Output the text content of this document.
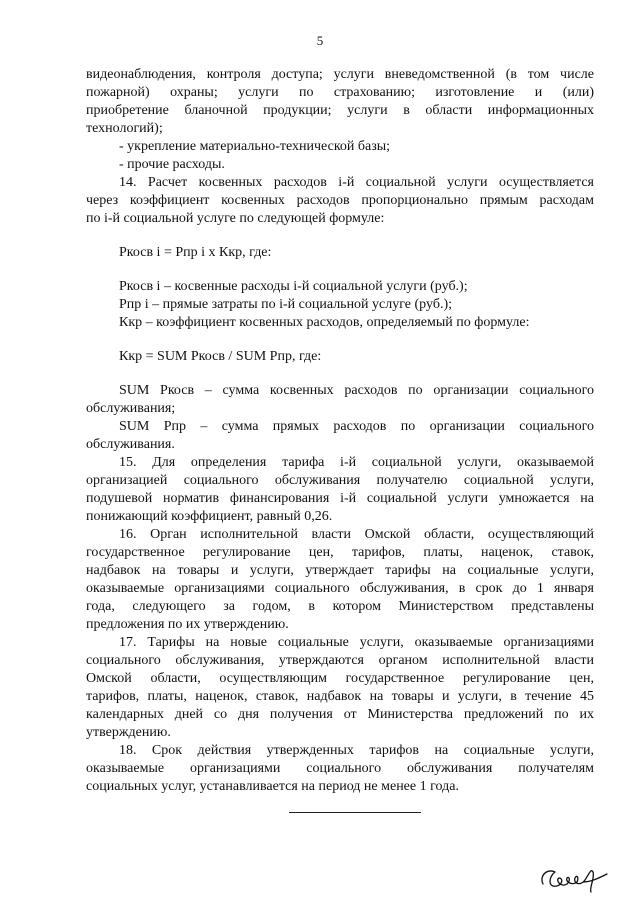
5
видеонаблюдения, контроля доступа; услуги вневедомственной (в том числе
пожарной) охраны; услуги по страхованию; изготовление и (или)
приобретение бланочной продукции; услуги в области информационных
технологий);
- укрепление материально-технической базы;
- прочие расходы.
14. Расчет косвенных расходов i-й социальной услуги осуществляется
через коэффициент косвенных расходов пропорционально прямым расходам
по i-й социальной услуге по следующей формуле:
Ркосв i = Рпр i х Ккр, где:
Ркосв i – косвенные расходы i-й социальной услуги (руб.);
Рпр i – прямые затраты по i-й социальной услуге (руб.);
Ккр – коэффициент косвенных расходов, определяемый по формуле:
Ккр = SUM Ркосв / SUM Рпр, где:
SUM Ркосв – сумма косвенных расходов по организации социального
обслуживания;
SUM Рпр – сумма прямых расходов по организации социального
обслуживания.
15. Для определения тарифа i-й социальной услуги, оказываемой
организацией социального обслуживания получателю социальной услуги,
подушевой норматив финансирования i-й социальной услуги умножается на
понижающий коэффициент, равный 0,26.
16. Орган исполнительной власти Омской области, осуществляющий
государственное регулирование цен, тарифов, платы, наценок, ставок,
надбавок на товары и услуги, утверждает тарифы на социальные услуги,
оказываемые организациями социального обслуживания, в срок до 1 января
года, следующего за годом, в котором Министерством представлены
предложения по их утверждению.
17. Тарифы на новые социальные услуги, оказываемые организациями
социального обслуживания, утверждаются органом исполнительной власти
Омской области, осуществляющим государственное регулирование цен,
тарифов, платы, наценок, ставок, надбавок на товары и услуги, в течение 45
календарных дней со дня получения от Министерства предложений по их
утверждению.
18. Срок действия утвержденных тарифов на социальные услуги,
оказываемые организациями социального обслуживания получателям
социальных услуг, устанавливается на период не менее 1 года.
